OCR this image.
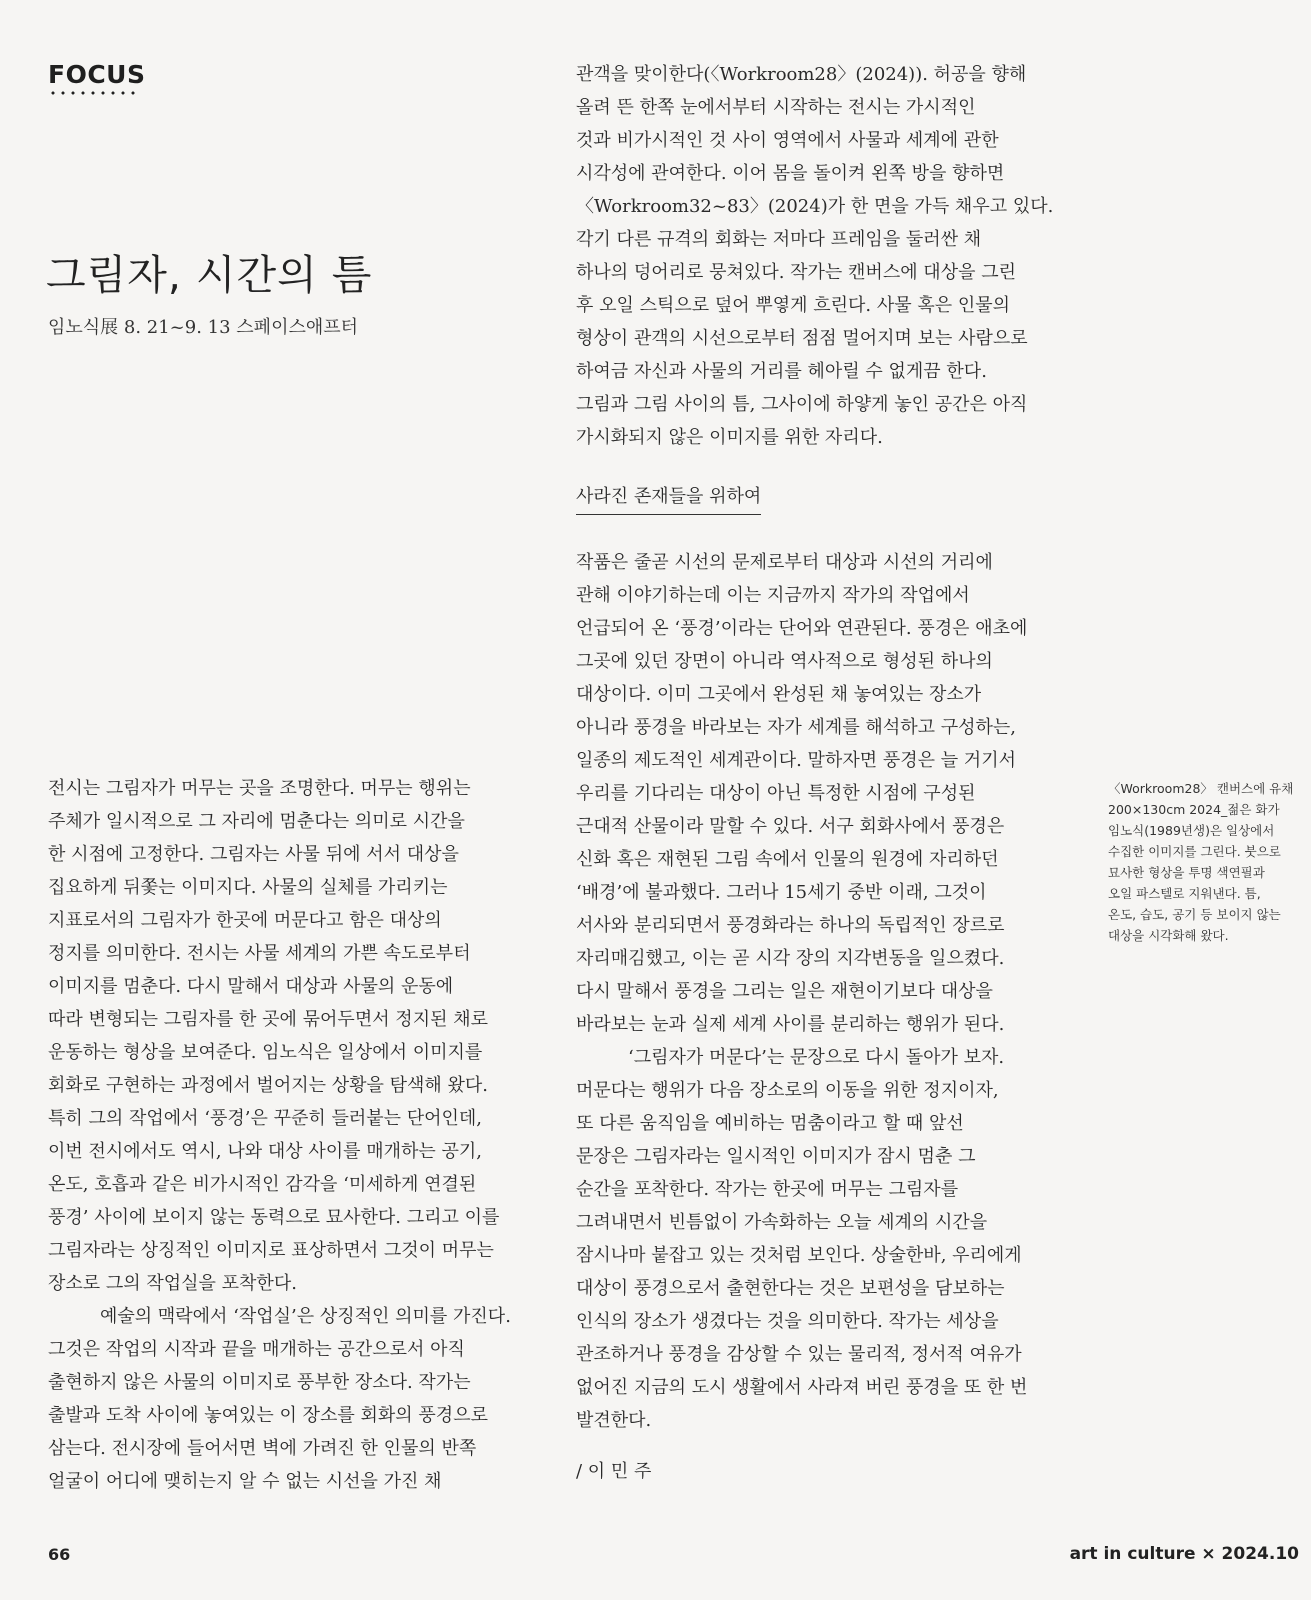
FOCUS
그림자, 시간의 틈
임노식展 8. 21~9. 13 스페이스애프터

전시는 그림자가 머무는 곳을 조명한다. 머무는 행위는

주체가 일시적으로 그 자리에 멈춘다는 의미로 시간을

한 시점에 고정한다. 그림자는 사물 뒤에 서서 대상을

집요하게 뒤쫓는 이미지다. 사물의 실체를 가리키는

지표로서의 그림자가 한곳에 머문다고 함은 대상의

정지를 의미한다. 전시는 사물 세계의 가쁜 속도로부터

이미지를 멈춘다. 다시 말해서 대상과 사물의 운동에

따라 변형되는 그림자를 한 곳에 묶어두면서 정지된 채로

운동하는 형상을 보여준다. 임노식은 일상에서 이미지를

회화로 구현하는 과정에서 벌어지는 상황을 탐색해 왔다.

특히 그의 작업에서 ‘풍경’은 꾸준히 들러붙는 단어인데,

이번 전시에서도 역시, 나와 대상 사이를 매개하는 공기,

온도, 호흡과 같은 비가시적인 감각을 ‘미세하게 연결된

풍경’ 사이에 보이지 않는 동력으로 묘사한다. 그리고 이를

그림자라는 상징적인 이미지로 표상하면서 그것이 머무는

장소로 그의 작업실을 포착한다.

예술의 맥락에서 ‘작업실’은 상징적인 의미를 가진다.

그것은 작업의 시작과 끝을 매개하는 공간으로서 아직

출현하지 않은 사물의 이미지로 풍부한 장소다. 작가는

출발과 도착 사이에 놓여있는 이 장소를 회화의 풍경으로

삼는다. 전시장에 들어서면 벽에 가려진 한 인물의 반쪽

얼굴이 어디에 맺히는지 알 수 없는 시선을 가진 채

관객을 맞이한다(〈Workroom28〉(2024)). 허공을 향해

올려 뜬 한쪽 눈에서부터 시작하는 전시는 가시적인

것과 비가시적인 것 사이 영역에서 사물과 세계에 관한

시각성에 관여한다. 이어 몸을 돌이켜 왼쪽 방을 향하면

〈Workroom32~83〉(2024)가 한 면을 가득 채우고 있다.

각기 다른 규격의 회화는 저마다 프레임을 둘러싼 채

하나의 덩어리로 뭉쳐있다. 작가는 캔버스에 대상을 그린

후 오일 스틱으로 덮어 뿌옇게 흐린다. 사물 혹은 인물의

형상이 관객의 시선으로부터 점점 멀어지며 보는 사람으로

하여금 자신과 사물의 거리를 헤아릴 수 없게끔 한다.

그림과 그림 사이의 틈, 그사이에 하얗게 놓인 공간은 아직

가시화되지 않은 이미지를 위한 자리다.

사라진 존재들을 위하여

작품은 줄곧 시선의 문제로부터 대상과 시선의 거리에

관해 이야기하는데 이는 지금까지 작가의 작업에서

언급되어 온 ‘풍경’이라는 단어와 연관된다. 풍경은 애초에

그곳에 있던 장면이 아니라 역사적으로 형성된 하나의

대상이다. 이미 그곳에서 완성된 채 놓여있는 장소가

아니라 풍경을 바라보는 자가 세계를 해석하고 구성하는,

일종의 제도적인 세계관이다. 말하자면 풍경은 늘 거기서

우리를 기다리는 대상이 아닌 특정한 시점에 구성된

근대적 산물이라 말할 수 있다. 서구 회화사에서 풍경은

신화 혹은 재현된 그림 속에서 인물의 원경에 자리하던

‘배경’에 불과했다. 그러나 15세기 중반 이래, 그것이

서사와 분리되면서 풍경화라는 하나의 독립적인 장르로

자리매김했고, 이는 곧 시각 장의 지각변동을 일으켰다.

다시 말해서 풍경을 그리는 일은 재현이기보다 대상을

바라보는 눈과 실제 세계 사이를 분리하는 행위가 된다.

‘그림자가 머문다’는 문장으로 다시 돌아가 보자.

머문다는 행위가 다음 장소로의 이동을 위한 정지이자,

또 다른 움직임을 예비하는 멈춤이라고 할 때 앞선

문장은 그림자라는 일시적인 이미지가 잠시 멈춘 그

순간을 포착한다. 작가는 한곳에 머무는 그림자를

그려내면서 빈틈없이 가속화하는 오늘 세계의 시간을

잠시나마 붙잡고 있는 것처럼 보인다. 상술한바, 우리에게

대상이 풍경으로서 출현한다는 것은 보편성을 담보하는

인식의 장소가 생겼다는 것을 의미한다. 작가는 세상을

관조하거나 풍경을 감상할 수 있는 물리적, 정서적 여유가

없어진 지금의 도시 생활에서 사라져 버린 풍경을 또 한 번

발견한다.

/ 이 민 주
〈Workroom28〉 캔버스에 유채
200×130cm 2024_젊은 화가
임노식(1989년생)은 일상에서
수집한 이미지를 그린다. 붓으로
묘사한 형상을 투명 색연필과
오일 파스텔로 지워낸다. 틈,
온도, 습도, 공기 등 보이지 않는
대상을 시각화해 왔다.
66	art in culture × 2024.10
